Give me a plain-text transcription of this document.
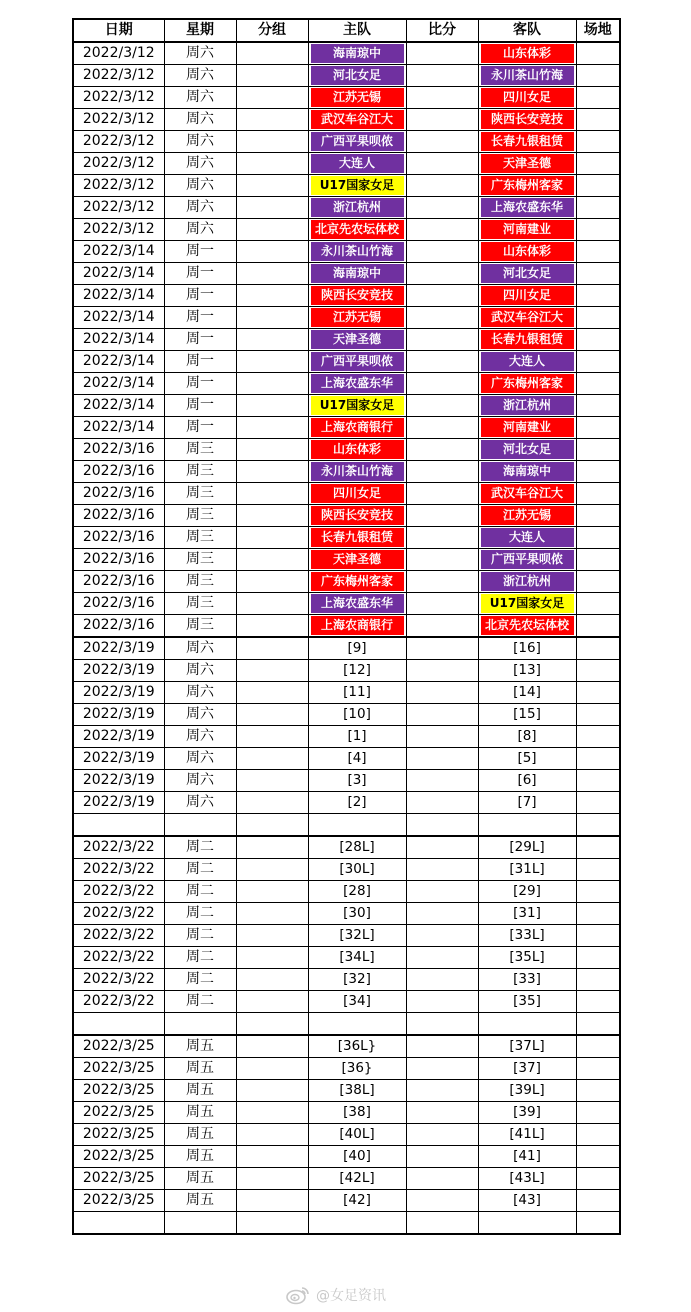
日期	星期	分组	主队	比分	客队	场地
2022/3/12	周六		海南琼中		山东体彩	

2022/3/12	周六		河北女足		永川茶山竹海	

2022/3/12	周六		江苏无锡		四川女足	

2022/3/12	周六		武汉车谷江大		陕西长安竞技	

2022/3/12	周六		广西平果呗侬		长春九银租赁	

2022/3/12	周六		大连人		天津圣德	

2022/3/12	周六		U17国家女足		广东梅州客家	

2022/3/12	周六		浙江杭州		上海农盛东华	

2022/3/12	周六		北京先农坛体校		河南建业	

2022/3/14	周一		永川茶山竹海		山东体彩	

2022/3/14	周一		海南琼中		河北女足	

2022/3/14	周一		陕西长安竞技		四川女足	

2022/3/14	周一		江苏无锡		武汉车谷江大	

2022/3/14	周一		天津圣德		长春九银租赁	

2022/3/14	周一		广西平果呗侬		大连人	

2022/3/14	周一		上海农盛东华		广东梅州客家	

2022/3/14	周一		U17国家女足		浙江杭州	

2022/3/14	周一		上海农商银行		河南建业	

2022/3/16	周三		山东体彩		河北女足	

2022/3/16	周三		永川茶山竹海		海南琼中	

2022/3/16	周三		四川女足		武汉车谷江大	

2022/3/16	周三		陕西长安竞技		江苏无锡	

2022/3/16	周三		长春九银租赁		大连人	

2022/3/16	周三		天津圣德		广西平果呗侬	

2022/3/16	周三		广东梅州客家		浙江杭州	

2022/3/16	周三		上海农盛东华		U17国家女足	

2022/3/16	周三		上海农商银行		北京先农坛体校	

2022/3/19	周六		[9]		[16]	
2022/3/19	周六		[12]		[13]	
2022/3/19	周六		[11]		[14]	
2022/3/19	周六		[10]		[15]	
2022/3/19	周六		[1]		[8]	
2022/3/19	周六		[4]		[5]	
2022/3/19	周六		[3]		[6]	
2022/3/19	周六		[2]		[7]	

2022/3/22	周二		[28L]		[29L]	
2022/3/22	周二		[30L]		[31L]	
2022/3/22	周二		[28]		[29]	
2022/3/22	周二		[30]		[31]	
2022/3/22	周二		[32L]		[33L]	
2022/3/22	周二		[34L]		[35L]	
2022/3/22	周二		[32]		[33]	
2022/3/22	周二		[34]		[35]	

2022/3/25	周五		[36L}		[37L]	
2022/3/25	周五		[36}		[37]	
2022/3/25	周五		[38L]		[39L]	
2022/3/25	周五		[38]		[39]	
2022/3/25	周五		[40L]		[41L]	
2022/3/25	周五		[40]		[41]	
2022/3/25	周五		[42L]		[43L]	
2022/3/25	周五		[42]		[43]	

@女足资讯
